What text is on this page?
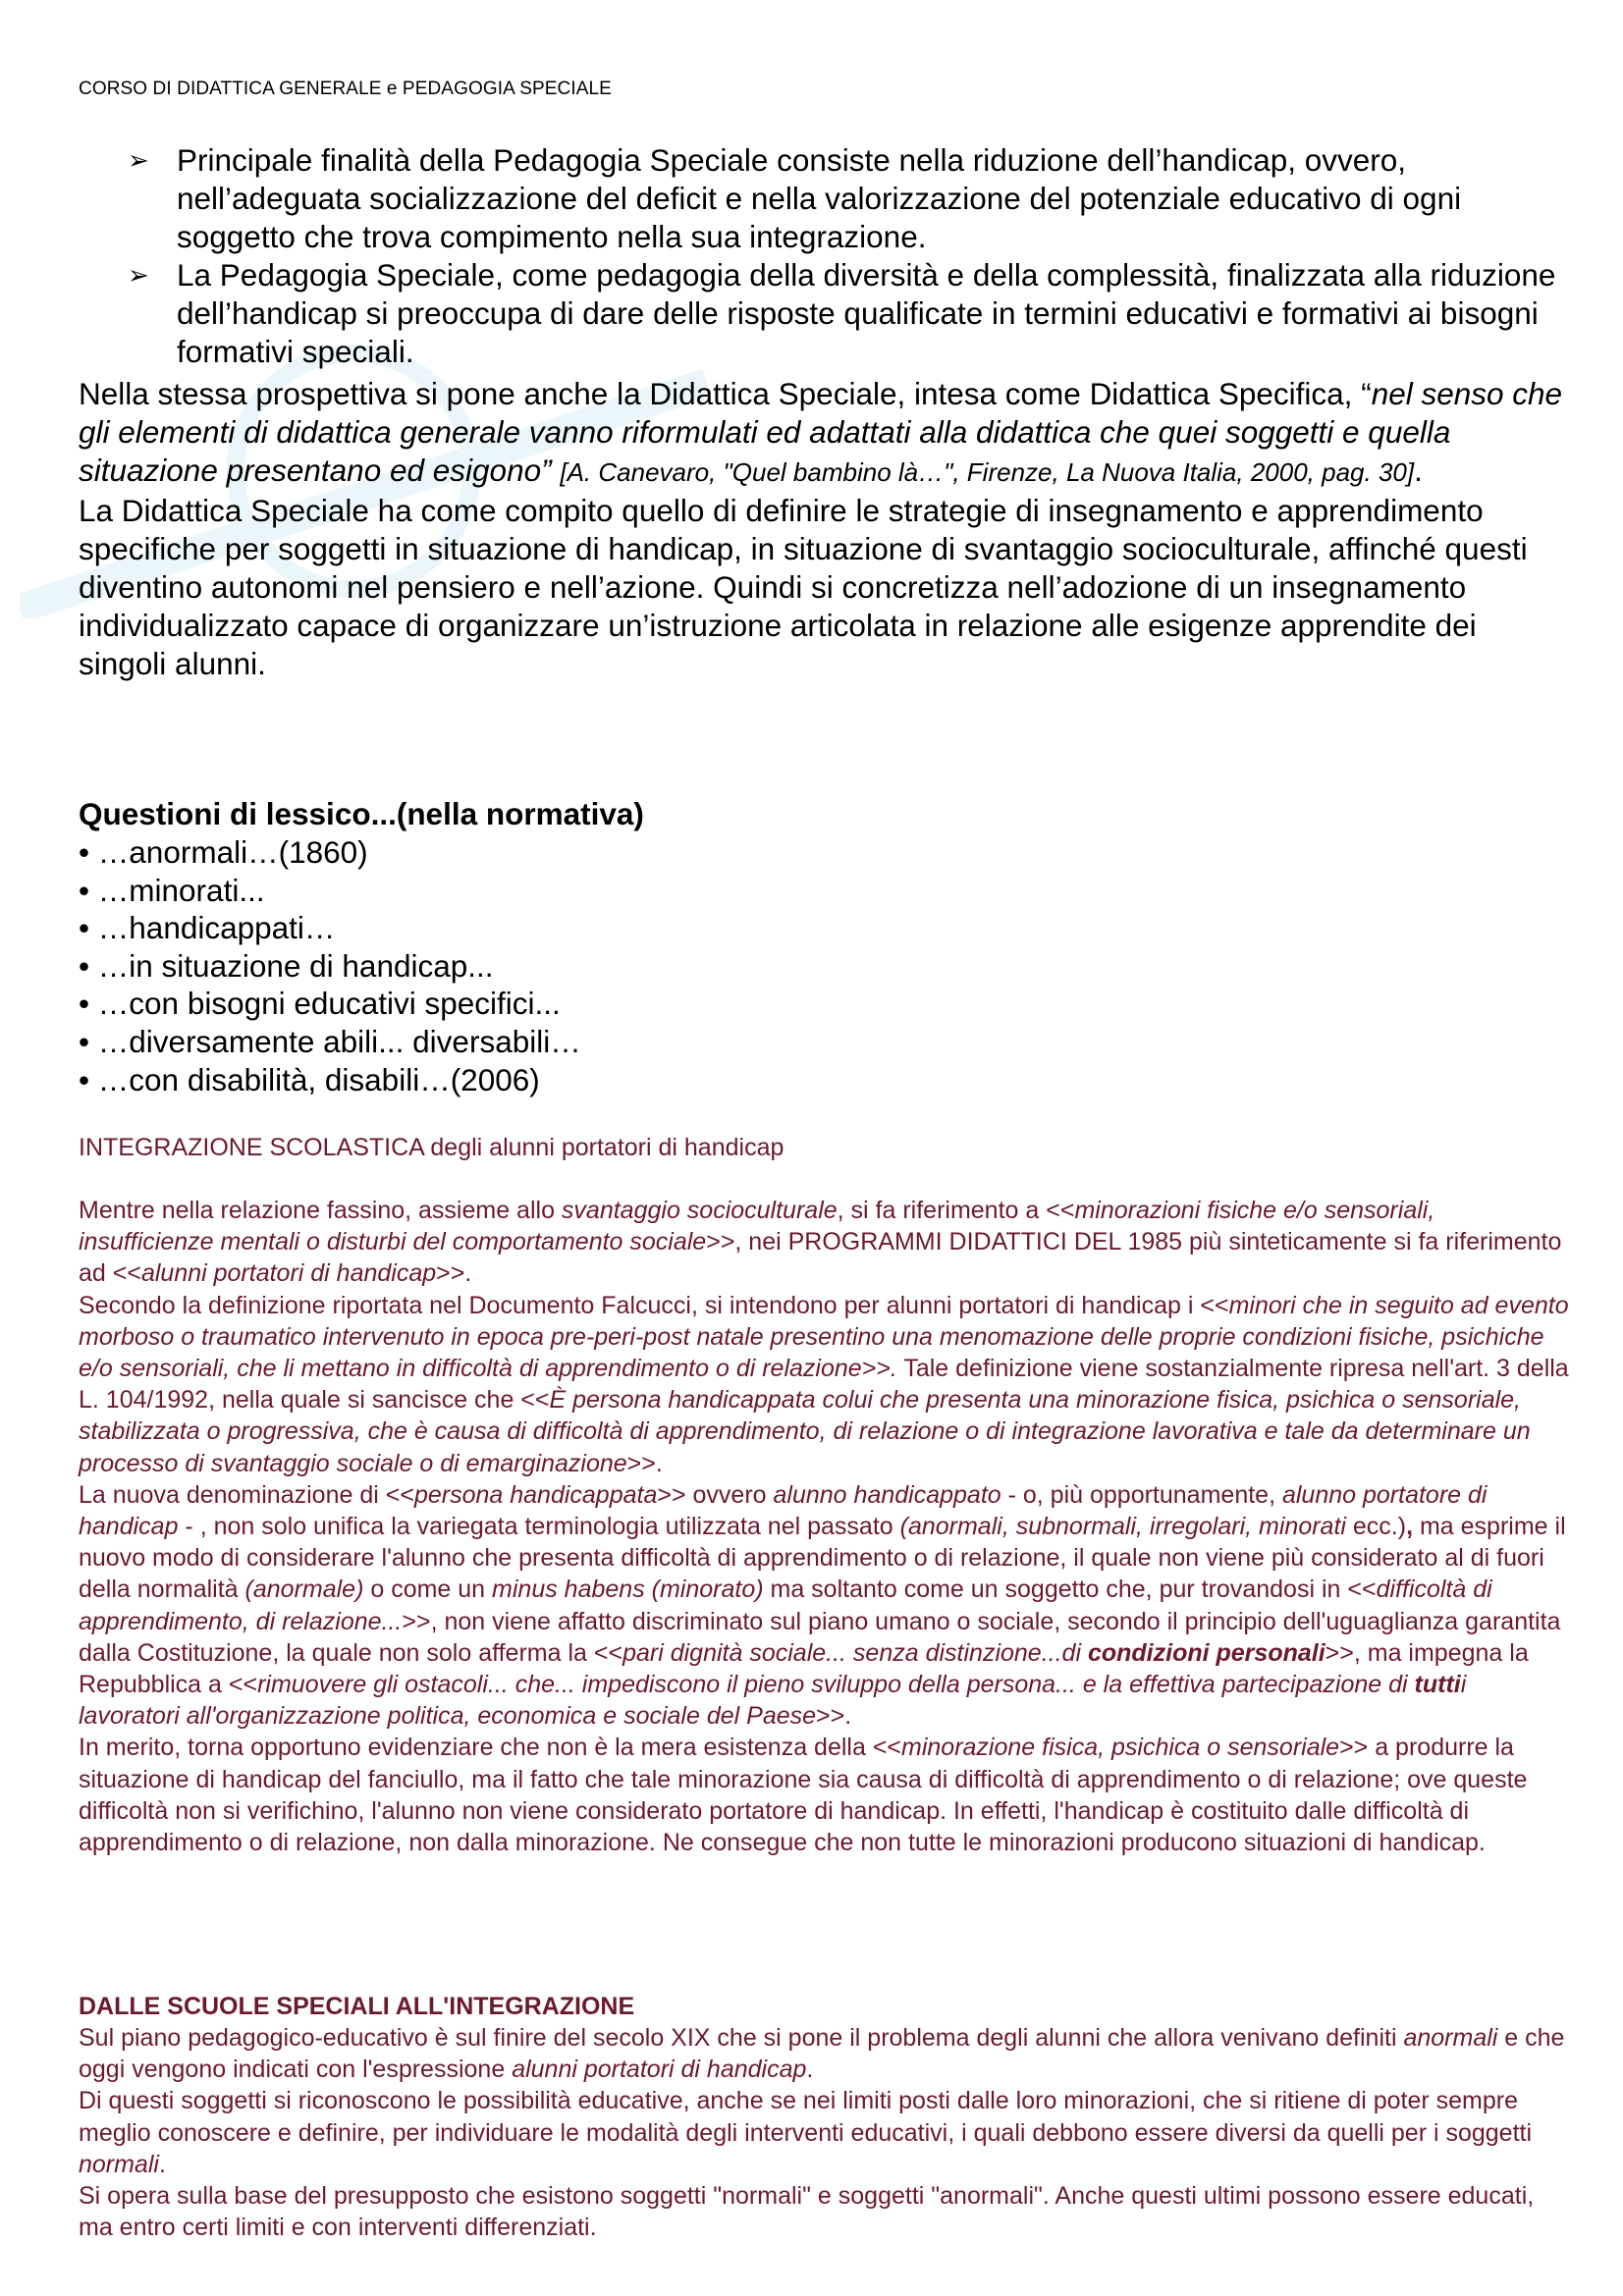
CORSO DI DIDATTICA GENERALE e PEDAGOGIA SPECIALE
➢ Principale finalità della Pedagogia Speciale consiste nella riduzione dell’handicap, ovvero, nell’adeguata socializzazione del deficit e nella valorizzazione del potenziale educativo di ogni soggetto che trova compimento nella sua integrazione.
➢ La Pedagogia Speciale, come pedagogia della diversità e della complessità, finalizzata alla riduzione dell’handicap si preoccupa di dare delle risposte qualificate in termini educativi e formativi ai bisogni formativi speciali.

Nella stessa prospettiva si pone anche la Didattica Speciale, intesa come Didattica Specifica, “nel senso che gli elementi di didattica generale vanno riformulati ed adattati alla didattica che quei soggetti e quella situazione presentano ed esigono” [A. Canevaro, "Quel bambino là…", Firenze, La Nuova Italia, 2000, pag. 30].

La Didattica Speciale ha come compito quello di definire le strategie di insegnamento e apprendimento specifiche per soggetti in situazione di handicap, in situazione di svantaggio socioculturale, affinché questi

diventino autonomi nel pensiero e nell’azione. Quindi si concretizza nell’adozione di un insegnamento individualizzato capace di organizzare un’istruzione articolata in relazione alle esigenze apprendite dei singoli alunni.

Questioni di lessico...(nella normativa)
• …anormali…(1860)
• …minorati...
• …handicappati…
• …in situazione di handicap...
• …con bisogni educativi specifici...
• …diversamente abili... diversabili…
• …con disabilità, disabili…(2006)
INTEGRAZIONE SCOLASTICA degli alunni portatori di handicap

Mentre nella relazione fassino, assieme allo svantaggio socioculturale, si fa riferimento a <<minorazioni fisiche e/o sensoriali, insufficienze mentali o disturbi del comportamento sociale>>, nei PROGRAMMI DIDATTICI DEL 1985 più sinteticamente si fa riferimento ad <<alunni portatori di handicap>>.

Secondo la definizione riportata nel Documento Falcucci, si intendono per alunni portatori di handicap i <<minori che in seguito ad evento morboso o traumatico intervenuto in epoca pre-peri-post natale presentino una menomazione delle proprie condizioni fisiche, psichiche e/o sensoriali, che li mettano in difficoltà di apprendimento o di relazione>>. Tale definizione viene sostanzialmente ripresa nell'art. 3 della L. 104/1992, nella quale si sancisce che <<È persona handicappata colui che presenta una minorazione fisica, psichica o sensoriale, stabilizzata o progressiva, che è causa di difficoltà di apprendimento, di relazione o di integrazione lavorativa e tale da determinare un processo di svantaggio sociale o di emarginazione>>.

La nuova denominazione di <<persona handicappata>> ovvero alunno handicappato - o, più opportunamente, alunno portatore di handicap - , non solo unifica la variegata terminologia utilizzata nel passato (anormali, subnormali, irregolari, minorati ecc.), ma esprime il nuovo modo di considerare l'alunno che presenta difficoltà di apprendimento o di relazione, il quale non viene più considerato al di fuori della normalità (anormale) o come un minus habens (minorato) ma soltanto come un soggetto che, pur trovandosi in <<difficoltà di apprendimento, di relazione...>>, non viene affatto discriminato sul piano umano o sociale, secondo il principio dell'uguaglianza garantita dalla Costituzione, la quale non solo afferma la <<pari dignità sociale... senza distinzione...di condizioni personali>>, ma impegna la Repubblica a <<rimuovere gli ostacoli... che... impediscono il pieno sviluppo della persona... e la effettiva partecipazione di tuttii lavoratori all'organizzazione politica, economica e sociale del Paese>>.

In merito, torna opportuno evidenziare che non è la mera esistenza della <<minorazione fisica, psichica o sensoriale>> a produrre la situazione di handicap del fanciullo, ma il fatto che tale minorazione sia causa di difficoltà di apprendimento o di relazione; ove queste difficoltà non si verifichino, l'alunno non viene considerato portatore di handicap. In effetti, l'handicap è costituito dalle difficoltà di apprendimento o di relazione, non dalla minorazione. Ne consegue che non tutte le minorazioni producono situazioni di handicap.

DALLE SCUOLE SPECIALI ALL'INTEGRAZIONE

Sul piano pedagogico-educativo è sul finire del secolo XIX che si pone il problema degli alunni che allora venivano definiti anormali e che oggi vengono indicati con l'espressione alunni portatori di handicap.

Di questi soggetti si riconoscono le possibilità educative, anche se nei limiti posti dalle loro minorazioni, che si ritiene di poter sempre meglio conoscere e definire, per individuare le modalità degli interventi educativi, i quali debbono essere diversi da quelli per i soggetti normali.

Si opera sulla base del presupposto che esistono soggetti "normali" e soggetti "anormali". Anche questi ultimi possono essere educati, ma entro certi limiti e con interventi differenziati.
